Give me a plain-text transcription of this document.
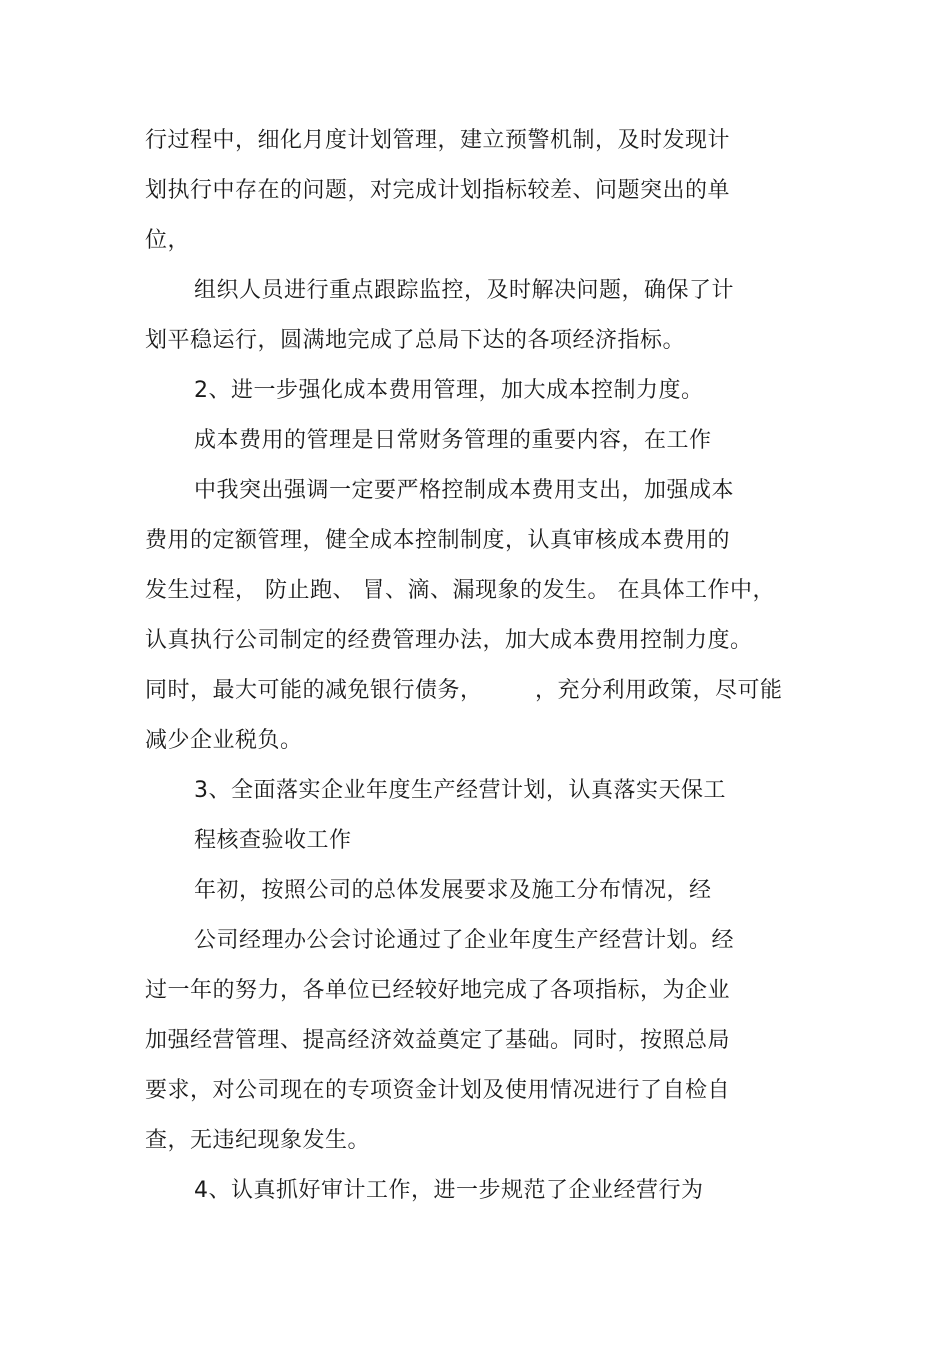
行过程中，细化月度计划管理，建立预警机制，及时发现计
划执行中存在的问题，对完成计划指标较差、问题突出的单
位，
组织人员进行重点跟踪监控，及时解决问题，确保了计
划平稳运行，圆满地完成了总局下达的各项经济指标。
2、进一步强化成本费用管理，加大成本控制力度。
成本费用的管理是日常财务管理的重要内容，在工作
中我突出强调一定要严格控制成本费用支出，加强成本
费用的定额管理，健全成本控制制度，认真审核成本费用的
发生过程， 防止跑、 冒、滴、漏现象的发生。 在具体工作中，
认真执行公司制定的经费管理办法，加大成本费用控制力度。
同时，最大可能的减免银行债务，       ，充分利用政策，尽可能
减少企业税负。
3、全面落实企业年度生产经营计划，认真落实天保工
程核查验收工作
年初，按照公司的总体发展要求及施工分布情况，经
公司经理办公会讨论通过了企业年度生产经营计划。经
过一年的努力，各单位已经较好地完成了各项指标，为企业
加强经营管理、提高经济效益奠定了基础。同时，按照总局
要求，对公司现在的专项资金计划及使用情况进行了自检自
查，无违纪现象发生。
4、认真抓好审计工作，进一步规范了企业经营行为
